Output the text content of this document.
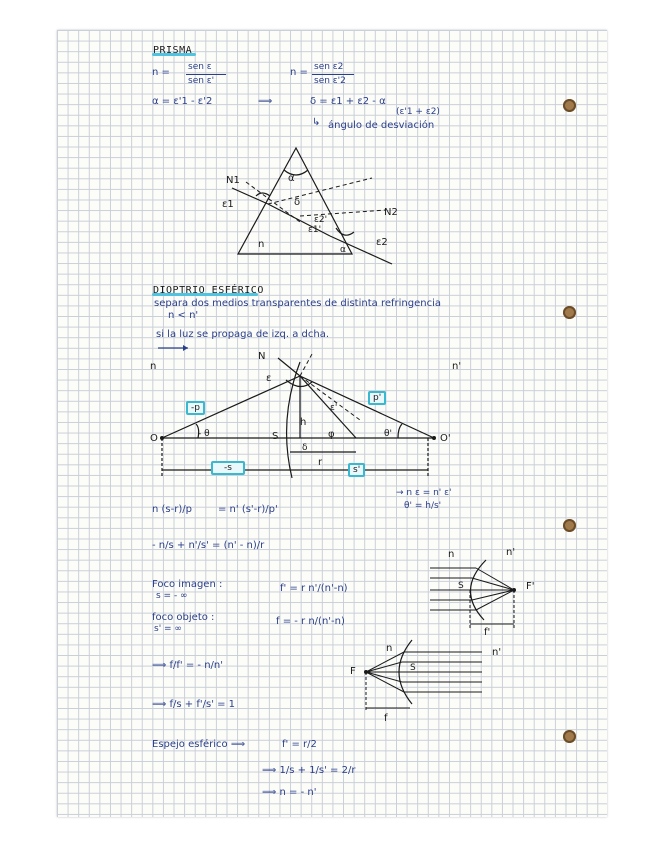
PRISMA
n = sen ε
sen ε'
n = sen ε2
sen ε'2
α = ε'1 - ε'2	⟹	δ = ε1 + ε2 - α
(ε'1 + ε2)
↳ ángulo de desviación
N1	α
δ
ε1
ε1'
ε2'
N2
ε2
n	α
DIOPTRIO ESFÉRICO
separa dos medios transparentes de distinta refringencia
n < n'
si la luz se propaga de izq. a dcha.
N
n	n'
ε
-p
p'
ε'
h
φ
O	- θ	S
δ
θ'	O'
r
-s	s'
→ n ε = n' ε'
θ' = h/s'
n (s-r)/p	= n' (s'-r)/p'
- n/s + n'/s' = (n' - n)/r
Foco imagen :
s = - ∞
f' = r n'/(n'-n)
foco objeto :
s' = ∞
f = - r n/(n'-n)
⟹ f/f' = - n/n'
⟹ f/s + f'/s' = 1
Espejo esférico ⟹	f' = r/2
⟹ 1/s + 1/s' = 2/r
⟹ n = - n'
n	n'
S	F'
f'
n	n'
S
F
f
